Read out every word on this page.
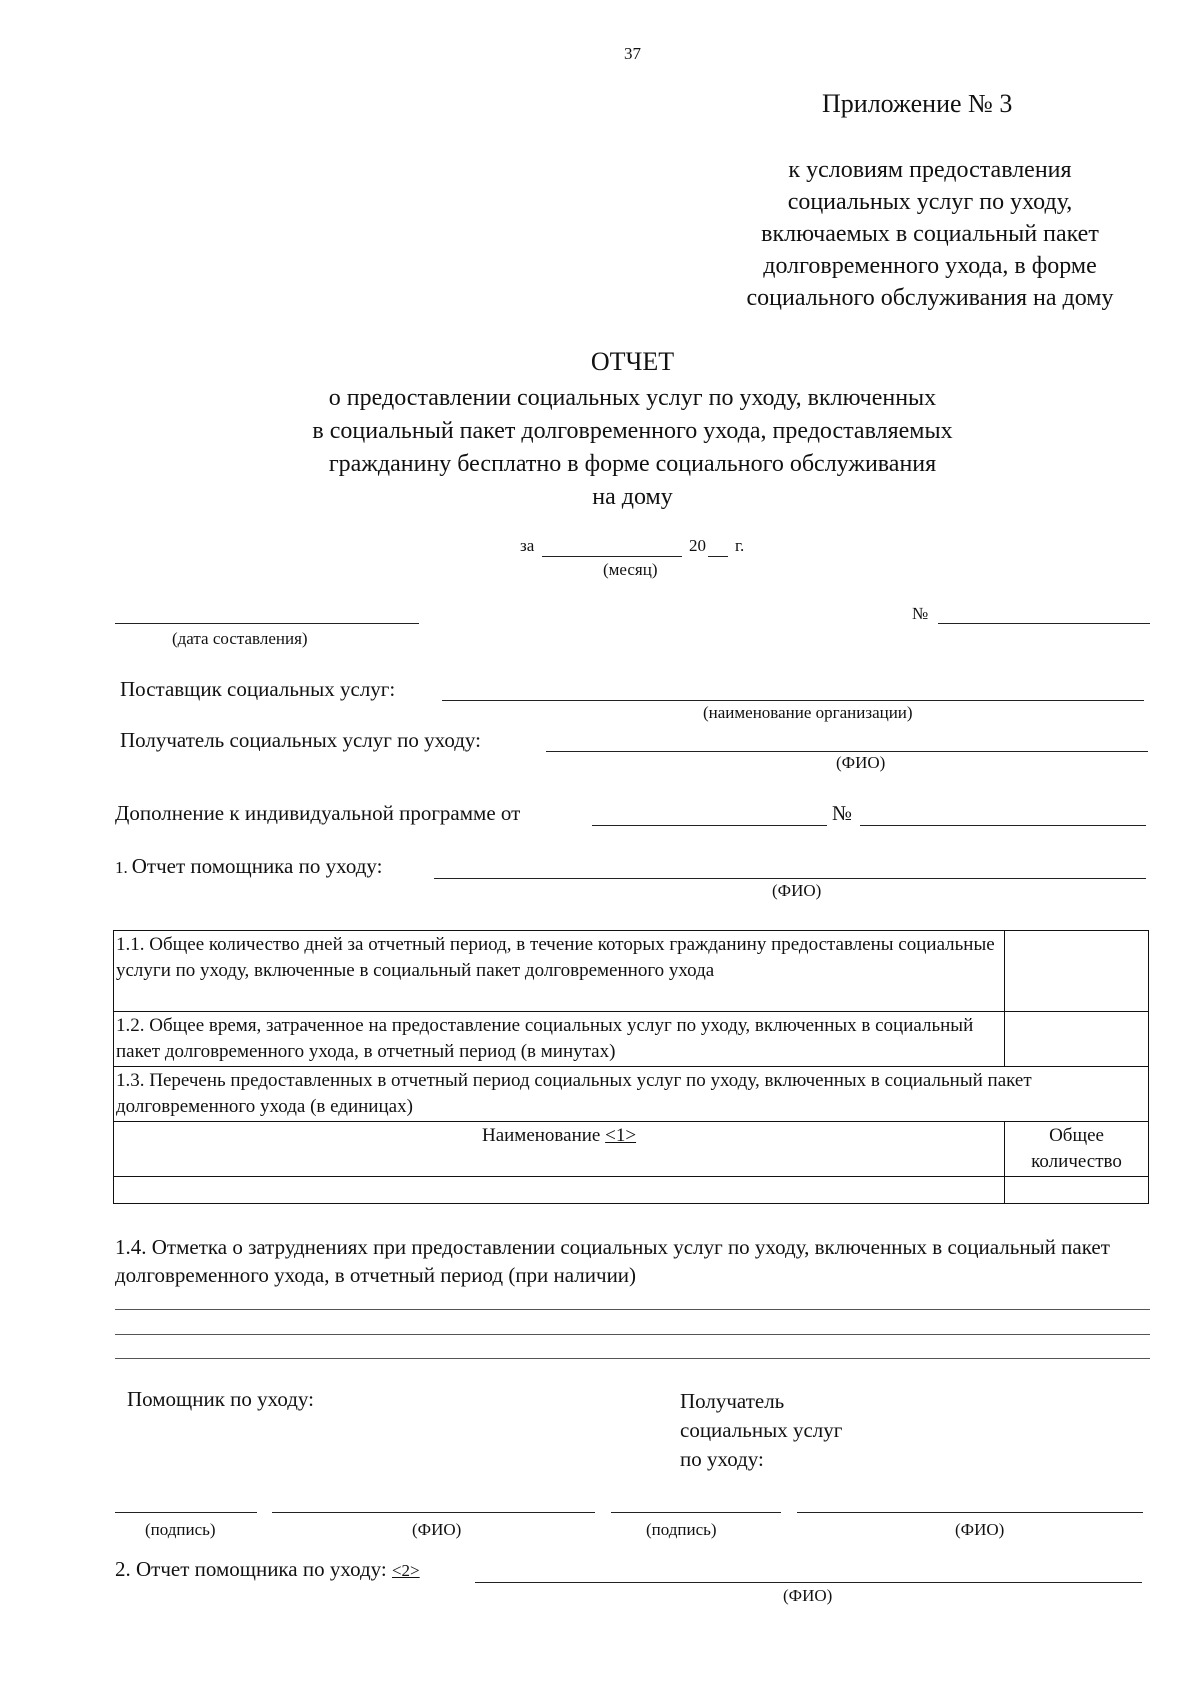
37
Приложение № 3
к условиям предоставления
социальных услуг по уходу,
включаемых в социальный пакет
долговременного ухода, в форме
социального обслуживания на дому
ОТЧЕТ
о предоставлении социальных услуг по уходу, включенных
в социальный пакет долговременного ухода, предоставляемых
гражданину бесплатно в форме социального обслуживания
на дому
за	20 г.
(месяц)
(дата составления)
№
Поставщик социальных услуг:
(наименование организации)
Получатель социальных услуг по уходу:
(ФИО)
Дополнение к индивидуальной программе от	№
1. Отчет помощника по уходу:
(ФИО)
1.1. Общее количество дней за отчетный период, в течение которых гражданину предоставлены социальные услуги по уходу, включенные в социальный пакет долговременного ухода	
1.2. Общее время, затраченное на предоставление социальных услуг по уходу, включенных в социальный пакет долговременного ухода, в отчетный период (в минутах)	
1.3. Перечень предоставленных в отчетный период социальных услуг по уходу, включенных в социальный пакет долговременного ухода (в единицах)	
Наименование <1>	Общее количество

1.4. Отметка о затруднениях при предоставлении социальных услуг по уходу, включенных в социальный пакет долговременного ухода, в отчетный период (при наличии)
Помощник по уходу:	Получатель
социальных услуг
по уходу:
(подпись)	(ФИО)	(подпись)	(ФИО)
2. Отчет помощника по уходу: <2>
(ФИО)
